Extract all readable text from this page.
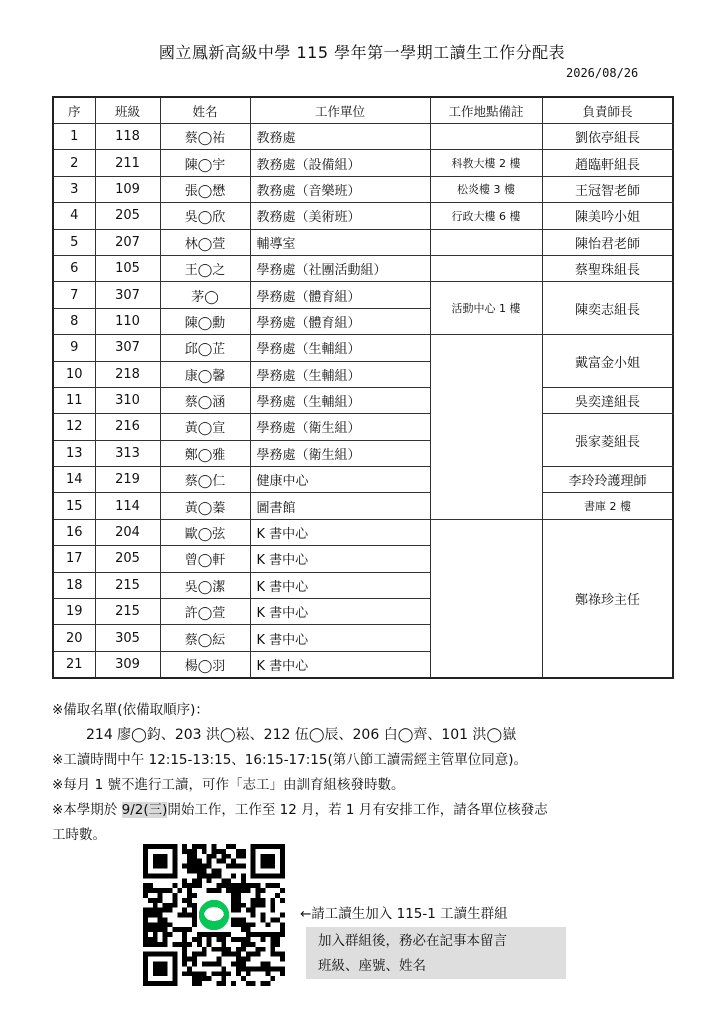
國立鳳新高級中學 115 學年第一學期工讀生工作分配表
2026/08/26
序	班級	姓名	工作單位	工作地點備註	負責師長	
1	118	蔡◯祐	教務處		劉依亭組長	
2	211	陳◯宇	教務處（設備組）	科教大樓 2 樓	趙臨軒組長	
3	109	張◯懋	教務處（音樂班）	松炎樓 3 樓	王冠智老師	
4	205	吳◯欣	教務處（美術班）	行政大樓 6 樓	陳美吟小姐	
5	207	林◯萱	輔導室		陳怡君老師	
6	105	王◯之	學務處（社團活動組）		蔡聖珠組長	
7	307	茅◯	學務處（體育組）	活動中心 1 樓	陳奕志組長	
8	110	陳◯勳	學務處（體育組）			
9	307	邱◯芷	學務處（生輔組）		戴富金小姐	
10	218	康◯馨	學務處（生輔組）			
11	310	蔡◯涵	學務處（生輔組）		吳奕達組長	
12	216	黃◯宣	學務處（衛生組）		張家菱組長	
13	313	鄭◯雅	學務處（衛生組）			
14	219	蔡◯仁	健康中心		李玲玲護理師	
15	114	黃◯蓁	圖書館		書庫 2 樓	
16	204	歐◯弦	K 書中心		鄭祿珍主任	
17	205	曾◯軒	K 書中心			
18	215	吳◯潔	K 書中心			
19	215	許◯萱	K 書中心			
20	305	蔡◯紜	K 書中心			
21	309	楊◯羽	K 書中心			
※備取名單(依備取順序)：
214 廖◯鈞、203 洪◯崧、212 伍◯辰、206 白◯齊、101 洪◯嶽
※工讀時間中午 12:15-13:15、16:15-17:15(第八節工讀需經主管單位同意)。
※每月 1 號不進行工讀，可作「志工」由訓育組核發時數。
※本學期於 9/2(三)開始工作，工作至 12 月，若 1 月有安排工作，請各單位核發志
工時數。
←請工讀生加入 115-1 工讀生群組
加入群組後，務必在記事本留言
班級、座號、姓名
